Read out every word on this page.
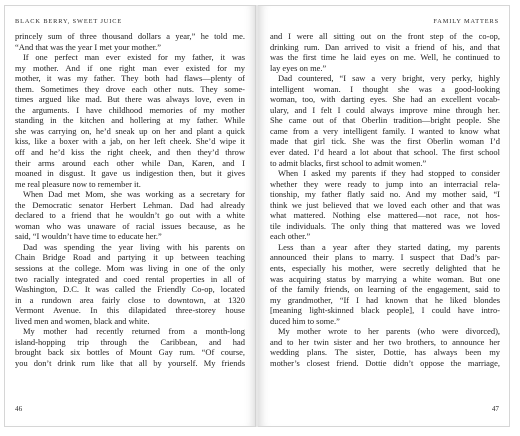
BLACK BERRY, SWEET JUICE
princely sum of three thousand dollars a year,” he told me.
“And that was the year I met your mother.”
If one perfect man ever existed for my father, it was
my mother. And if one right man ever existed for my
mother, it was my father. They both had flaws—plenty of
them. Sometimes they drove each other nuts. They some-
times argued like mad. But there was always love, even in
the arguments. I have childhood memories of my mother
standing in the kitchen and hollering at my father. While
she was carrying on, he’d sneak up on her and plant a quick
kiss, like a boxer with a jab, on her left cheek. She’d wipe it
off and he’d kiss the right cheek, and then they’d throw
their arms around each other while Dan, Karen, and I
moaned in disgust. It gave us indigestion then, but it gives
me real pleasure now to remember it.
When Dad met Mom, she was working as a secretary for
the Democratic senator Herbert Lehman. Dad had already
declared to a friend that he wouldn’t go out with a white
woman who was unaware of racial issues because, as he
said, “I wouldn’t have time to educate her.”
Dad was spending the year living with his parents on
Chain Bridge Road and partying it up between teaching
sessions at the college. Mom was living in one of the only
two racially integrated and coed rental properties in all of
Washington, D.C. It was called the Friendly Co-op, located
in a rundown area fairly close to downtown, at 1320
Vermont Avenue. In this dilapidated three-storey house
lived men and women, black and white.
My mother had recently returned from a month-long
island-hopping trip through the Caribbean, and had
brought back six bottles of Mount Gay rum. “Of course,
you don’t drink rum like that all by yourself. My friends
46
FAMILY MATTERS
and I were all sitting out on the front step of the co-op,
drinking rum. Dan arrived to visit a friend of his, and that
was the first time he laid eyes on me. Well, he continued to
lay eyes on me.”
Dad countered, “I saw a very bright, very perky, highly
intelligent woman. I thought she was a good-looking
woman, too, with darting eyes. She had an excellent vocab-
ulary, and I felt I could always improve mine through her.
She came out of that Oberlin tradition—bright people. She
came from a very intelligent family. I wanted to know what
made that girl tick. She was the first Oberlin woman I’d
ever dated. I’d heard a lot about that school. The first school
to admit blacks, first school to admit women.”
When I asked my parents if they had stopped to consider
whether they were ready to jump into an interracial rela-
tionship, my father flatly said no. And my mother said, “I
think we just believed that we loved each other and that was
what mattered. Nothing else mattered—not race, not hos-
tile individuals. The only thing that mattered was we loved
each other.”
Less than a year after they started dating, my parents
announced their plans to marry. I suspect that Dad’s par-
ents, especially his mother, were secretly delighted that he
was acquiring status by marrying a white woman. But one
of the family friends, on learning of the engagement, said to
my grandmother, “If I had known that he liked blondes
[meaning light-skinned black people], I could have intro-
duced him to some.”
My mother wrote to her parents (who were divorced),
and to her twin sister and her two brothers, to announce her
wedding plans. The sister, Dottie, has always been my
mother’s closest friend. Dottie didn’t oppose the marriage,
47
